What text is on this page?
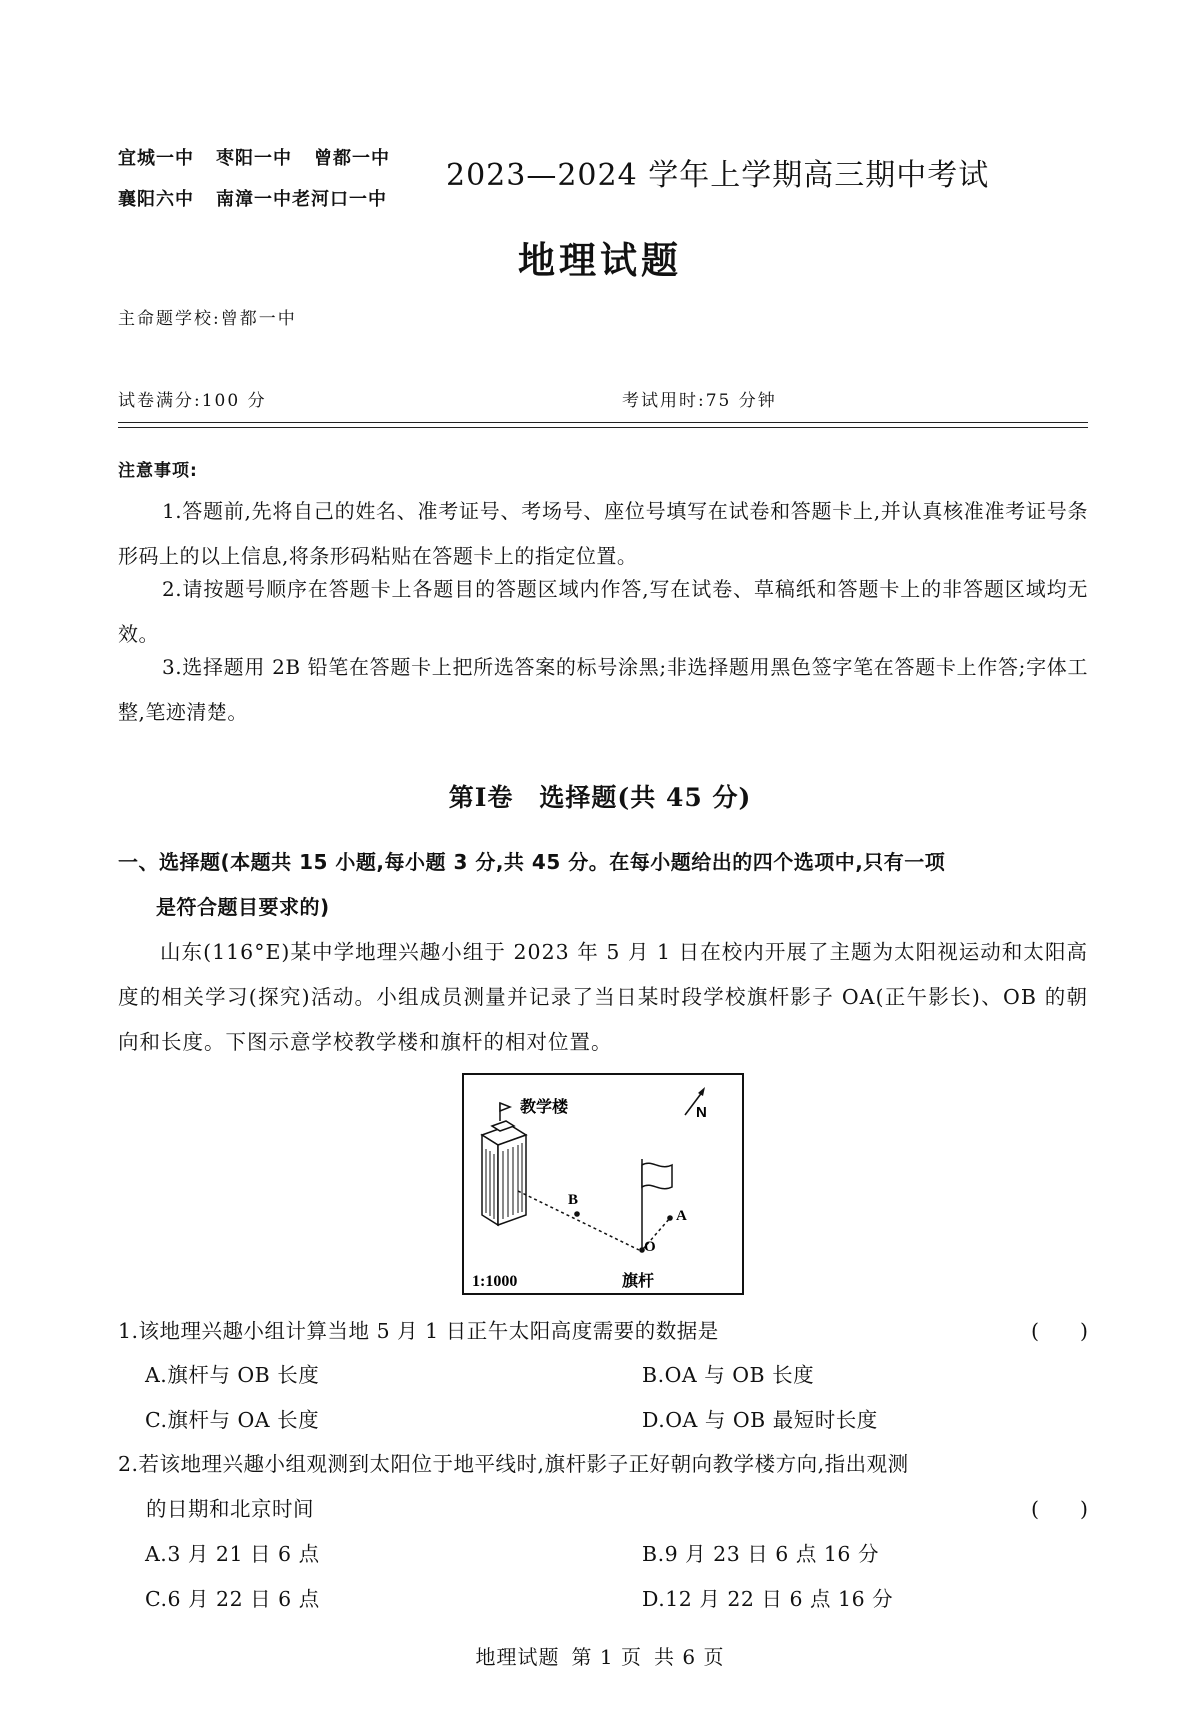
宜城一中 枣阳一中 曾都一中
襄阳六中 南漳一中老河口一中
2023—2024 学年上学期高三期中考试
地理试题
主命题学校:曾都一中
试卷满分:100 分	考试用时:75 分钟
注意事项:
1.答题前,先将自己的姓名、准考证号、考场号、座位号填写在试卷和答题卡上,并认真核准准考证号条形码上的以上信息,将条形码粘贴在答题卡上的指定位置。
2.请按题号顺序在答题卡上各题目的答题区域内作答,写在试卷、草稿纸和答题卡上的非答题区域均无效。
3.选择题用 2B 铅笔在答题卡上把所选答案的标号涂黑;非选择题用黑色签字笔在答题卡上作答;字体工整,笔迹清楚。
第Ⅰ卷　选择题(共 45 分)
一、选择题(本题共 15 小题,每小题 3 分,共 45 分。在每小题给出的四个选项中,只有一项
是符合题目要求的)
山东(116°E)某中学地理兴趣小组于 2023 年 5 月 1 日在校内开展了主题为太阳视运动和太阳高度的相关学习(探究)活动。小组成员测量并记录了当日某时段学校旗杆影子 OA(正午影长)、OB 的朝向和长度。下图示意学校教学楼和旗杆的相对位置。
N
教学楼
B
A
O
旗杆
1:1000
1.该地理兴趣小组计算当地 5 月 1 日正午太阳高度需要的数据是	(　　)
A.旗杆与 OB 长度	B.OA 与 OB 长度
C.旗杆与 OA 长度	D.OA 与 OB 最短时长度
2.若该地理兴趣小组观测到太阳位于地平线时,旗杆影子正好朝向教学楼方向,指出观测
的日期和北京时间	(　　)
A.3 月 21 日 6 点	B.9 月 23 日 6 点 16 分
C.6 月 22 日 6 点	D.12 月 22 日 6 点 16 分
地理试题 第 1 页 共 6 页
